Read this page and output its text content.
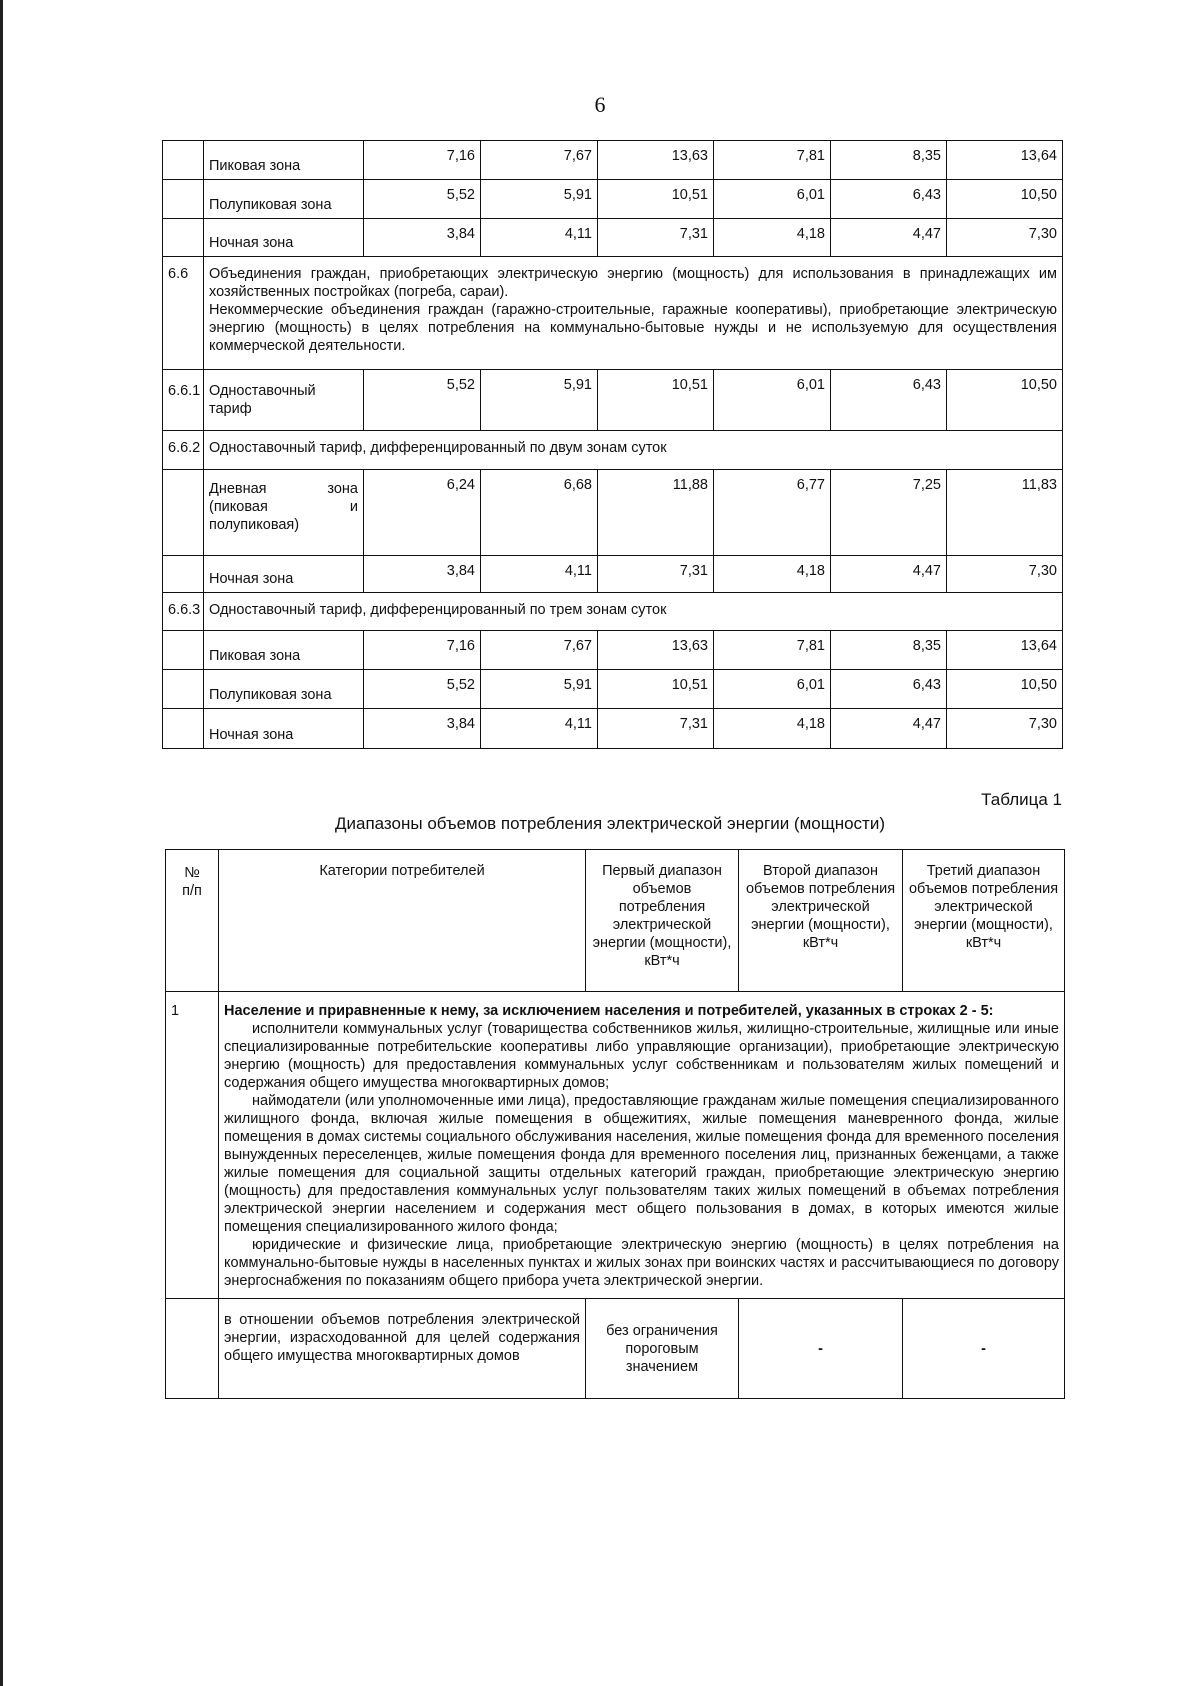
6
	Пиковая зона	7,16	7,67	13,63	7,81	8,35	13,64
	Полупиковая зона	5,52	5,91	10,51	6,01	6,43	10,50
	Ночная зона	3,84	4,11	7,31	4,18	4,47	7,30
6.6	Объединения граждан, приобретающих электрическую энергию (мощность) для использования в принадлежащих им хозяйственных постройках (погреба, сараи).
Некоммерческие объединения граждан (гаражно-строительные, гаражные кооперативы), приобретающие электрическую энергию (мощность) в целях потребления на коммунально-бытовые нужды и не используемую для осуществления коммерческой деятельности.						

6.6.1	Одноставочный тариф	5,52	5,91	10,51	6,01	6,43	10,50
6.6.2	Одноставочный тариф, дифференцированный по двум зонам суток						
	Дневная зона (пиковая и полупиковая)	6,24	6,68	11,88	6,77	7,25	11,83
	Ночная зона	3,84	4,11	7,31	4,18	4,47	7,30
6.6.3	Одноставочный тариф, дифференцированный по трем зонам суток						
	Пиковая зона	7,16	7,67	13,63	7,81	8,35	13,64
	Полупиковая зона	5,52	5,91	10,51	6,01	6,43	10,50
	Ночная зона	3,84	4,11	7,31	4,18	4,47	7,30
Таблица 1
Диапазоны объемов потребления электрической энергии (мощности)
№ п/п	Категории потребителей	Первый диапазон объемов потребления электрической энергии (мощности), кВт*ч	Второй диапазон объемов потребления электрической энергии (мощности), кВт*ч	Третий диапазон объемов потребления электрической энергии (мощности), кВт*ч
1	Население и приравненные к нему, за исключением населения и потребителей, указанных в строках 2 - 5:
исполнители коммунальных услуг (товарищества собственников жилья, жилищно-строительные, жилищные или иные специализированные потребительские кооперативы либо управляющие организации), приобретающие электрическую энергию (мощность) для предоставления коммунальных услуг собственникам и пользователям жилых помещений и содержания общего имущества многоквартирных домов;
наймодатели (или уполномоченные ими лица), предоставляющие гражданам жилые помещения специализированного жилищного фонда, включая жилые помещения в общежитиях, жилые помещения маневренного фонда, жилые помещения в домах системы социального обслуживания населения, жилые помещения фонда для временного поселения вынужденных переселенцев, жилые помещения фонда для временного поселения лиц, признанных беженцами, а также жилые помещения для социальной защиты отдельных категорий граждан, приобретающие электрическую энергию (мощность) для предоставления коммунальных услуг пользователям таких жилых помещений в объемах потребления электрической энергии населением и содержания мест общего пользования в домах, в которых имеются жилые помещения специализированного жилого фонда;
юридические и физические лица, приобретающие электрическую энергию (мощность) в целях потребления на коммунально-бытовые нужды в населенных пунктах и жилых зонах при воинских частях и рассчитывающиеся по договору энергоснабжения по показаниям общего прибора учета электрической энергии.			

	в отношении объемов потребления электрической энергии, израсходованной для целей содержания общего имущества многоквартирных домов	без ограничения пороговым значением	-	-
